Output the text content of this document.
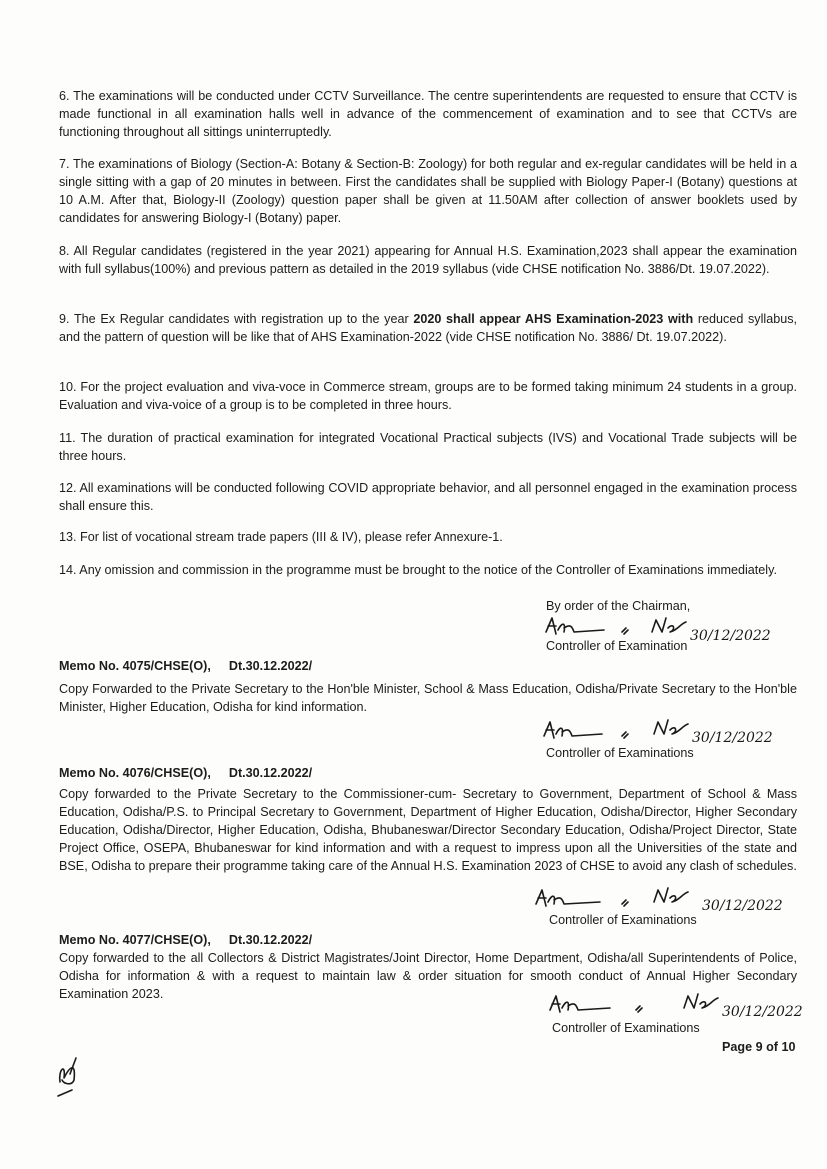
6. The examinations will be conducted under CCTV Surveillance. The centre superintendents are requested to ensure that CCTV is made functional in all examination halls well in advance of the commencement of examination and to see that CCTVs are functioning throughout all sittings uninterruptedly.
7. The examinations of Biology (Section-A: Botany & Section-B: Zoology) for both regular and ex-regular candidates will be held in a single sitting with a gap of 20 minutes in between. First the candidates shall be supplied with Biology Paper-I (Botany) questions at 10 A.M. After that, Biology-II (Zoology) question paper shall be given at 11.50AM after collection of answer booklets used by candidates for answering Biology-I (Botany) paper.
8. All Regular candidates (registered in the year 2021) appearing for Annual H.S. Examination,2023 shall appear the examination with full syllabus(100%) and previous pattern as detailed in the 2019 syllabus (vide CHSE notification No. 3886/Dt. 19.07.2022).
9. The Ex Regular candidates with registration up to the year 2020 shall appear AHS Examination-2023 with reduced syllabus, and the pattern of question will be like that of AHS Examination-2022 (vide CHSE notification No. 3886/ Dt. 19.07.2022).
10. For the project evaluation and viva-voce in Commerce stream, groups are to be formed taking minimum 24 students in a group. Evaluation and viva-voice of a group is to be completed in three hours.
11. The duration of practical examination for integrated Vocational Practical subjects (IVS) and Vocational Trade subjects will be three hours.
12. All examinations will be conducted following COVID appropriate behavior, and all personnel engaged in the examination process shall ensure this.
13. For list of vocational stream trade papers (III & IV), please refer Annexure-1.
14. Any omission and commission in the programme must be brought to the notice of the Controller of Examinations immediately.
By order of the Chairman,
30/12/2022
Controller of Examination
Memo No. 4075/CHSE(O), Dt.30.12.2022/
Copy Forwarded to the Private Secretary to the Hon'ble Minister, School & Mass Education, Odisha/Private Secretary to the Hon'ble Minister, Higher Education, Odisha for kind information.
30/12/2022
Controller of Examinations
Memo No. 4076/CHSE(O), Dt.30.12.2022/
Copy forwarded to the Private Secretary to the Commissioner-cum- Secretary to Government, Department of School & Mass Education, Odisha/P.S. to Principal Secretary to Government, Department of Higher Education, Odisha/Director, Higher Secondary Education, Odisha/Director, Higher Education, Odisha, Bhubaneswar/Director Secondary Education, Odisha/Project Director, State Project Office, OSEPA, Bhubaneswar for kind information and with a request to impress upon all the Universities of the state and BSE, Odisha to prepare their programme taking care of the Annual H.S. Examination 2023 of CHSE to avoid any clash of schedules.
30/12/2022
Controller of Examinations
Memo No. 4077/CHSE(O), Dt.30.12.2022/
Copy forwarded to the all Collectors & District Magistrates/Joint Director, Home Department, Odisha/all Superintendents of Police, Odisha for information & with a request to maintain law & order situation for smooth conduct of Annual Higher Secondary Examination 2023.
30/12/2022
Controller of Examinations
Page 9 of 10
